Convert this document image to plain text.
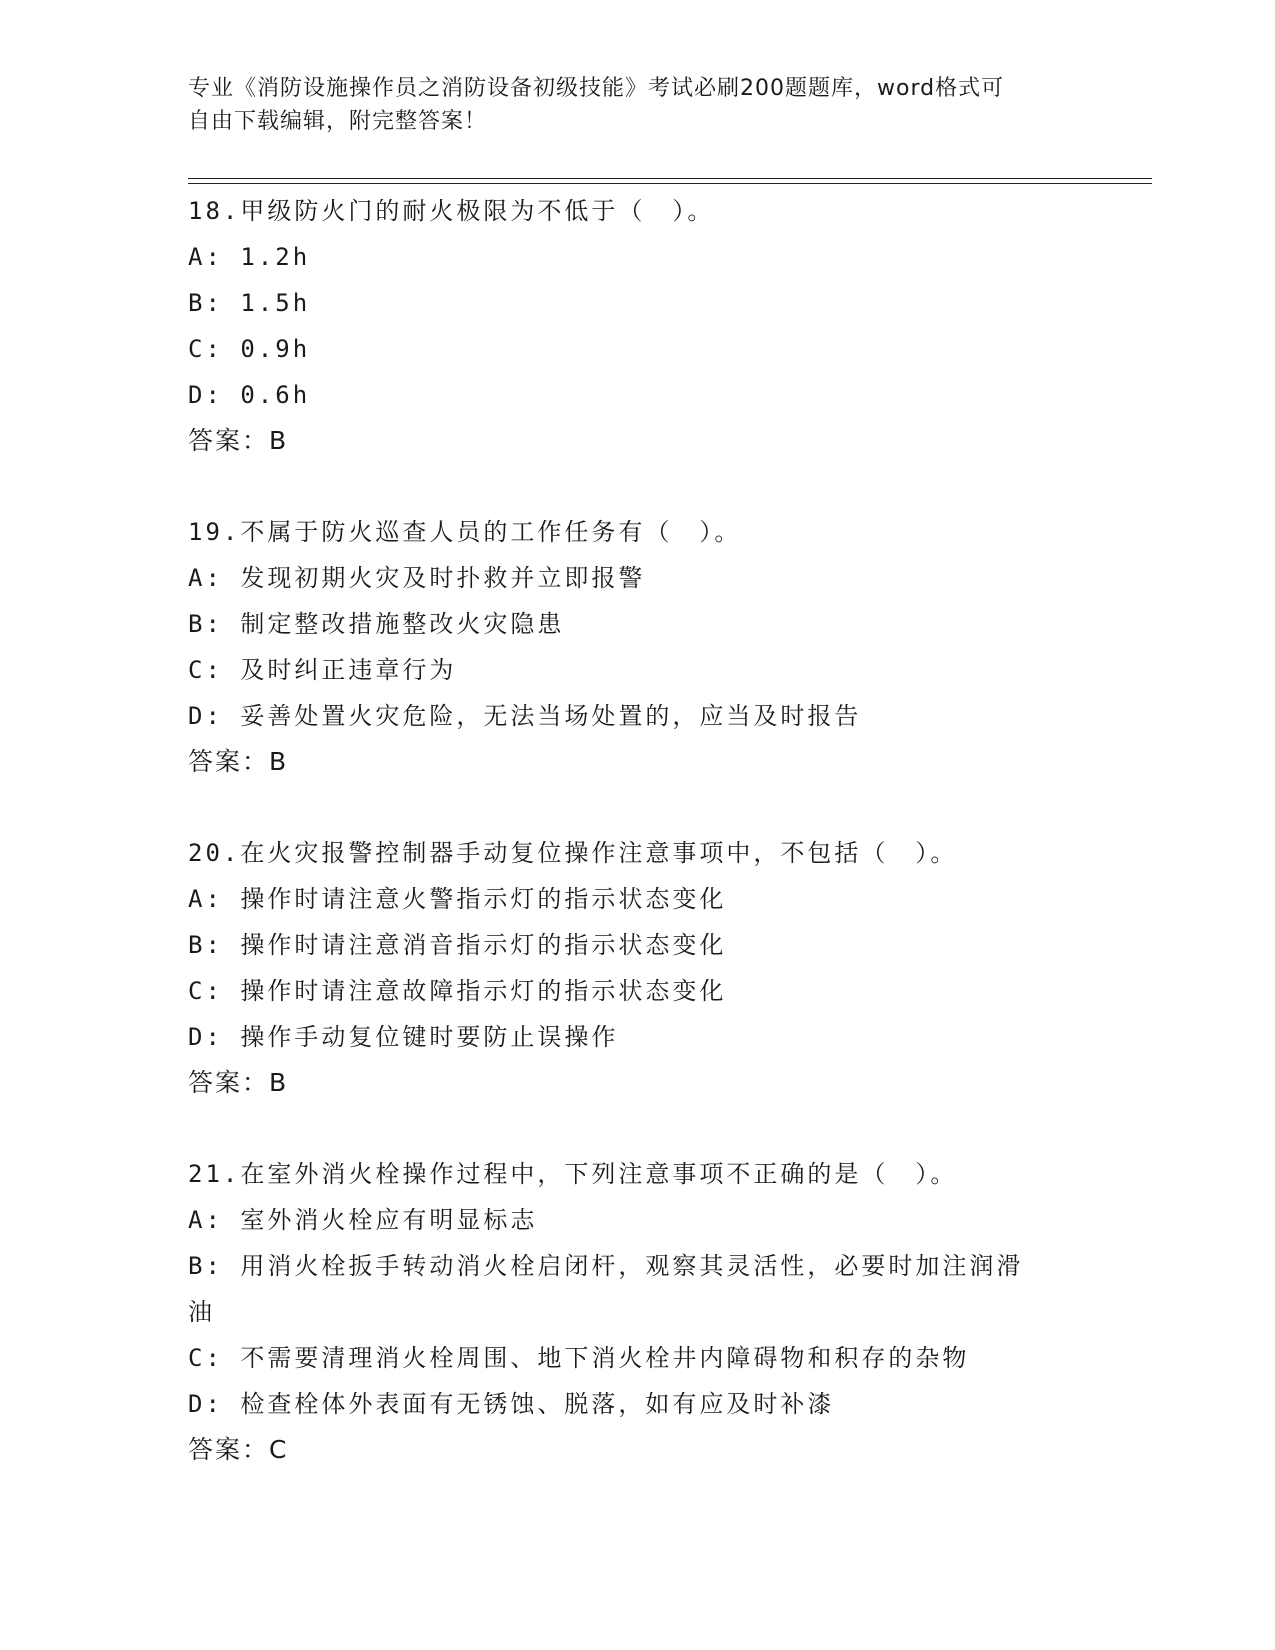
专业《消防设施操作员之消防设备初级技能》考试必刷200题题库，word格式可
自由下载编辑，附完整答案！
18.甲级防火门的耐火极限为不低于（　）。
A: 1.2h
B: 1.5h
C: 0.9h
D: 0.6h
答案：B
19.不属于防火巡查人员的工作任务有（　）。
A: 发现初期火灾及时扑救并立即报警
B: 制定整改措施整改火灾隐患
C: 及时纠正违章行为
D: 妥善处置火灾危险，无法当场处置的，应当及时报告
答案：B
20.在火灾报警控制器手动复位操作注意事项中，不包括（　）。
A: 操作时请注意火警指示灯的指示状态变化
B: 操作时请注意消音指示灯的指示状态变化
C: 操作时请注意故障指示灯的指示状态变化
D: 操作手动复位键时要防止误操作
答案：B
21.在室外消火栓操作过程中，下列注意事项不正确的是（　）。
A: 室外消火栓应有明显标志
B: 用消火栓扳手转动消火栓启闭杆，观察其灵活性，必要时加注润滑
油
C: 不需要清理消火栓周围、地下消火栓井内障碍物和积存的杂物
D: 检查栓体外表面有无锈蚀、脱落，如有应及时补漆
答案：C
